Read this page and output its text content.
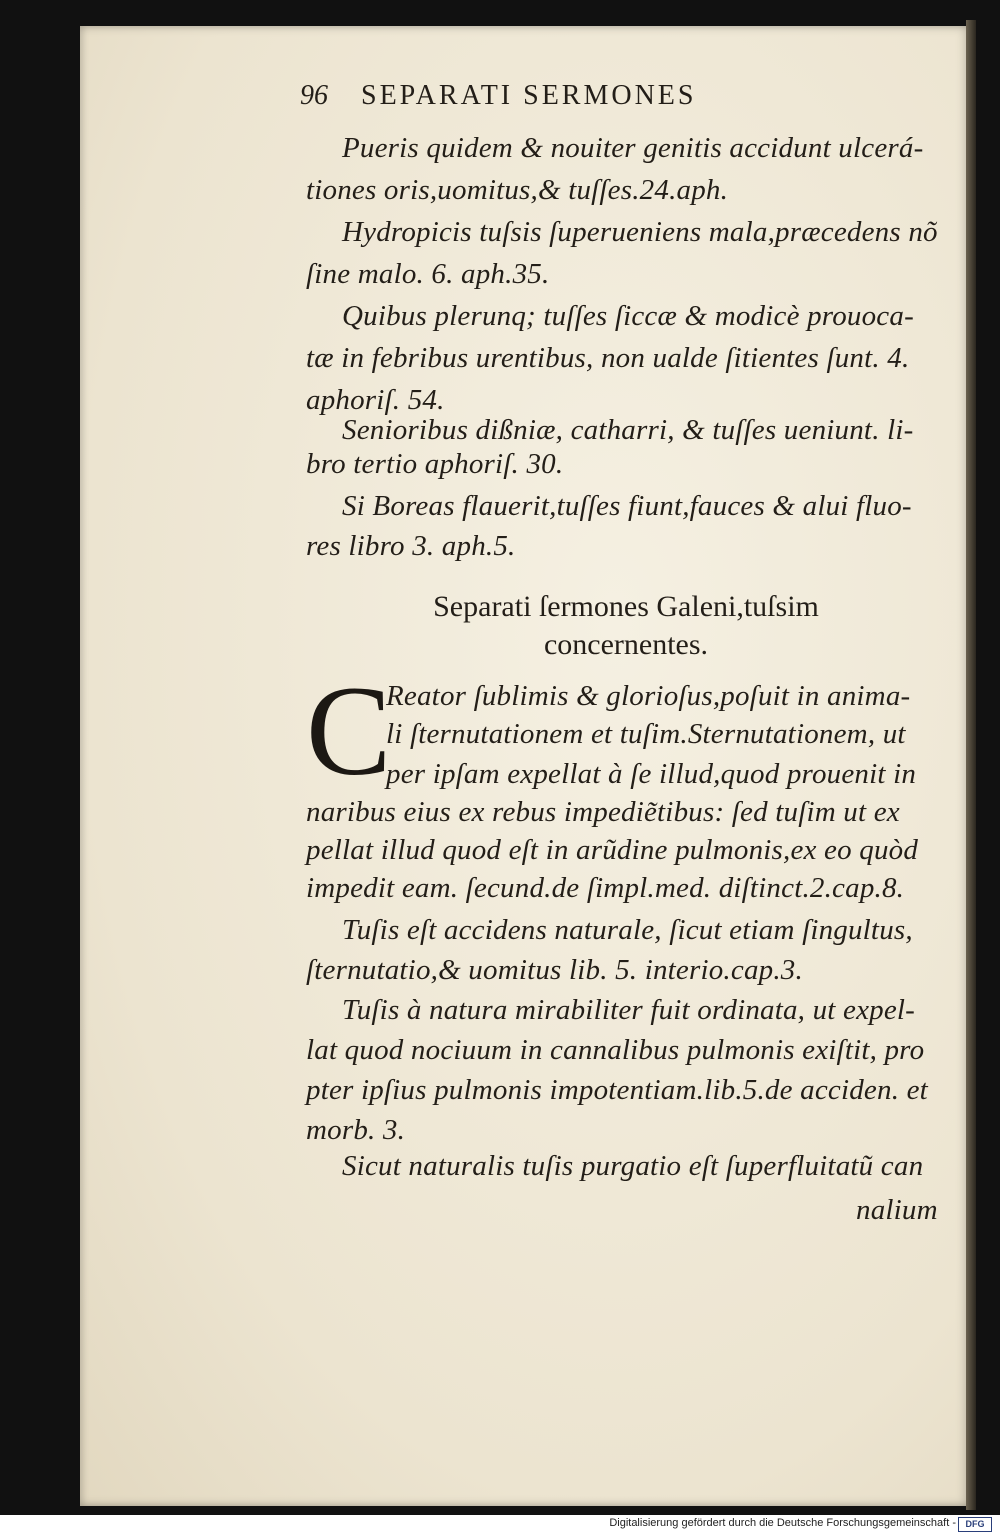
96 SEPARATI SERMONES
Pueris quidem & nouiter genitis accidunt ulcerá-
tiones oris,uomitus,& tuſſes.24.aph.
Hydropicis tuſsis ſuperueniens mala,præcedens nõ
ſine malo. 6. aph.35.
Quibus plerunq; tuſſes ſiccæ & modicè prouoca-
tæ in febribus urentibus, non ualde ſitientes ſunt. 4.
aphoriſ. 54.
Senioribus dißniæ, catharri, & tuſſes ueniunt. li-
bro tertio aphoriſ. 30.
Si Boreas flauerit,tuſſes fiunt,fauces & alui fluo-
res libro 3. aph.5.
Separati ſermones Galeni,tuſsim
concernentes.
C
Reator ſublimis & glorioſus,poſuit in anima-
li ſternutationem et tuſim.Sternutationem, ut
per ipſam expellat à ſe illud,quod prouenit in
naribus eius ex rebus impedie͂tibus: ſed tuſim ut ex
pellat illud quod eſt in arũdine pulmonis,ex eo quòd
impedit eam. ſecund.de ſimpl.med. diſtinct.2.cap.8.
Tuſis eſt accidens naturale, ſicut etiam ſingultus,
ſternutatio,& uomitus lib. 5. interio.cap.3.
Tuſis à natura mirabiliter fuit ordinata, ut expel-
lat quod nociuum in cannalibus pulmonis exiſtit, pro
pter ipſius pulmonis impotentiam.lib.5.de acciden. et
morb. 3.
Sicut naturalis tuſis purgatio eſt ſuperfluitatũ can
nalium
Digitalisierung gefördert durch die Deutsche Forschungsgemeinschaft -	DFG
